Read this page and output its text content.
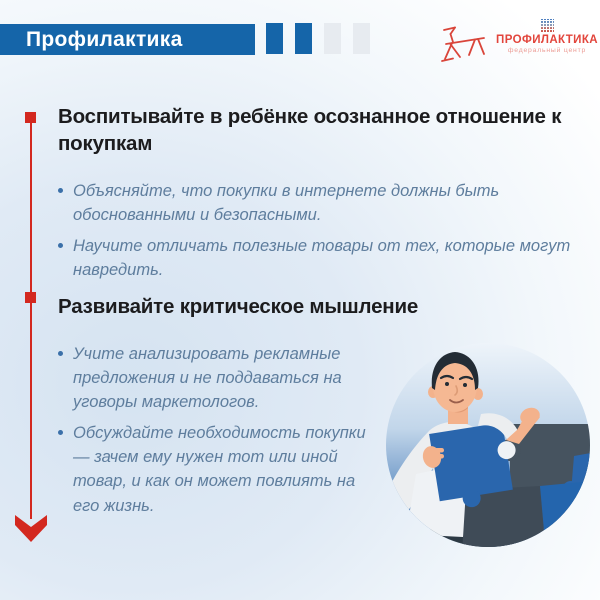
Профилактика	ПРОФИЛАКТИКА
федеральный центр
Воспитывайте в ребёнке осознанное отношение к покупкам
Объясняйте, что покупки в интернете должны быть обоснованными и безопасными.
Научите отличать полезные товары от тех, которые могут навредить.
Развивайте критическое мышление
Учите анализировать рекламные предложения и не поддаваться на уговоры маркетологов.
Обсуждайте необходимость покупки — зачем ему нужен тот или иной товар, и как он может повлиять на его жизнь.
